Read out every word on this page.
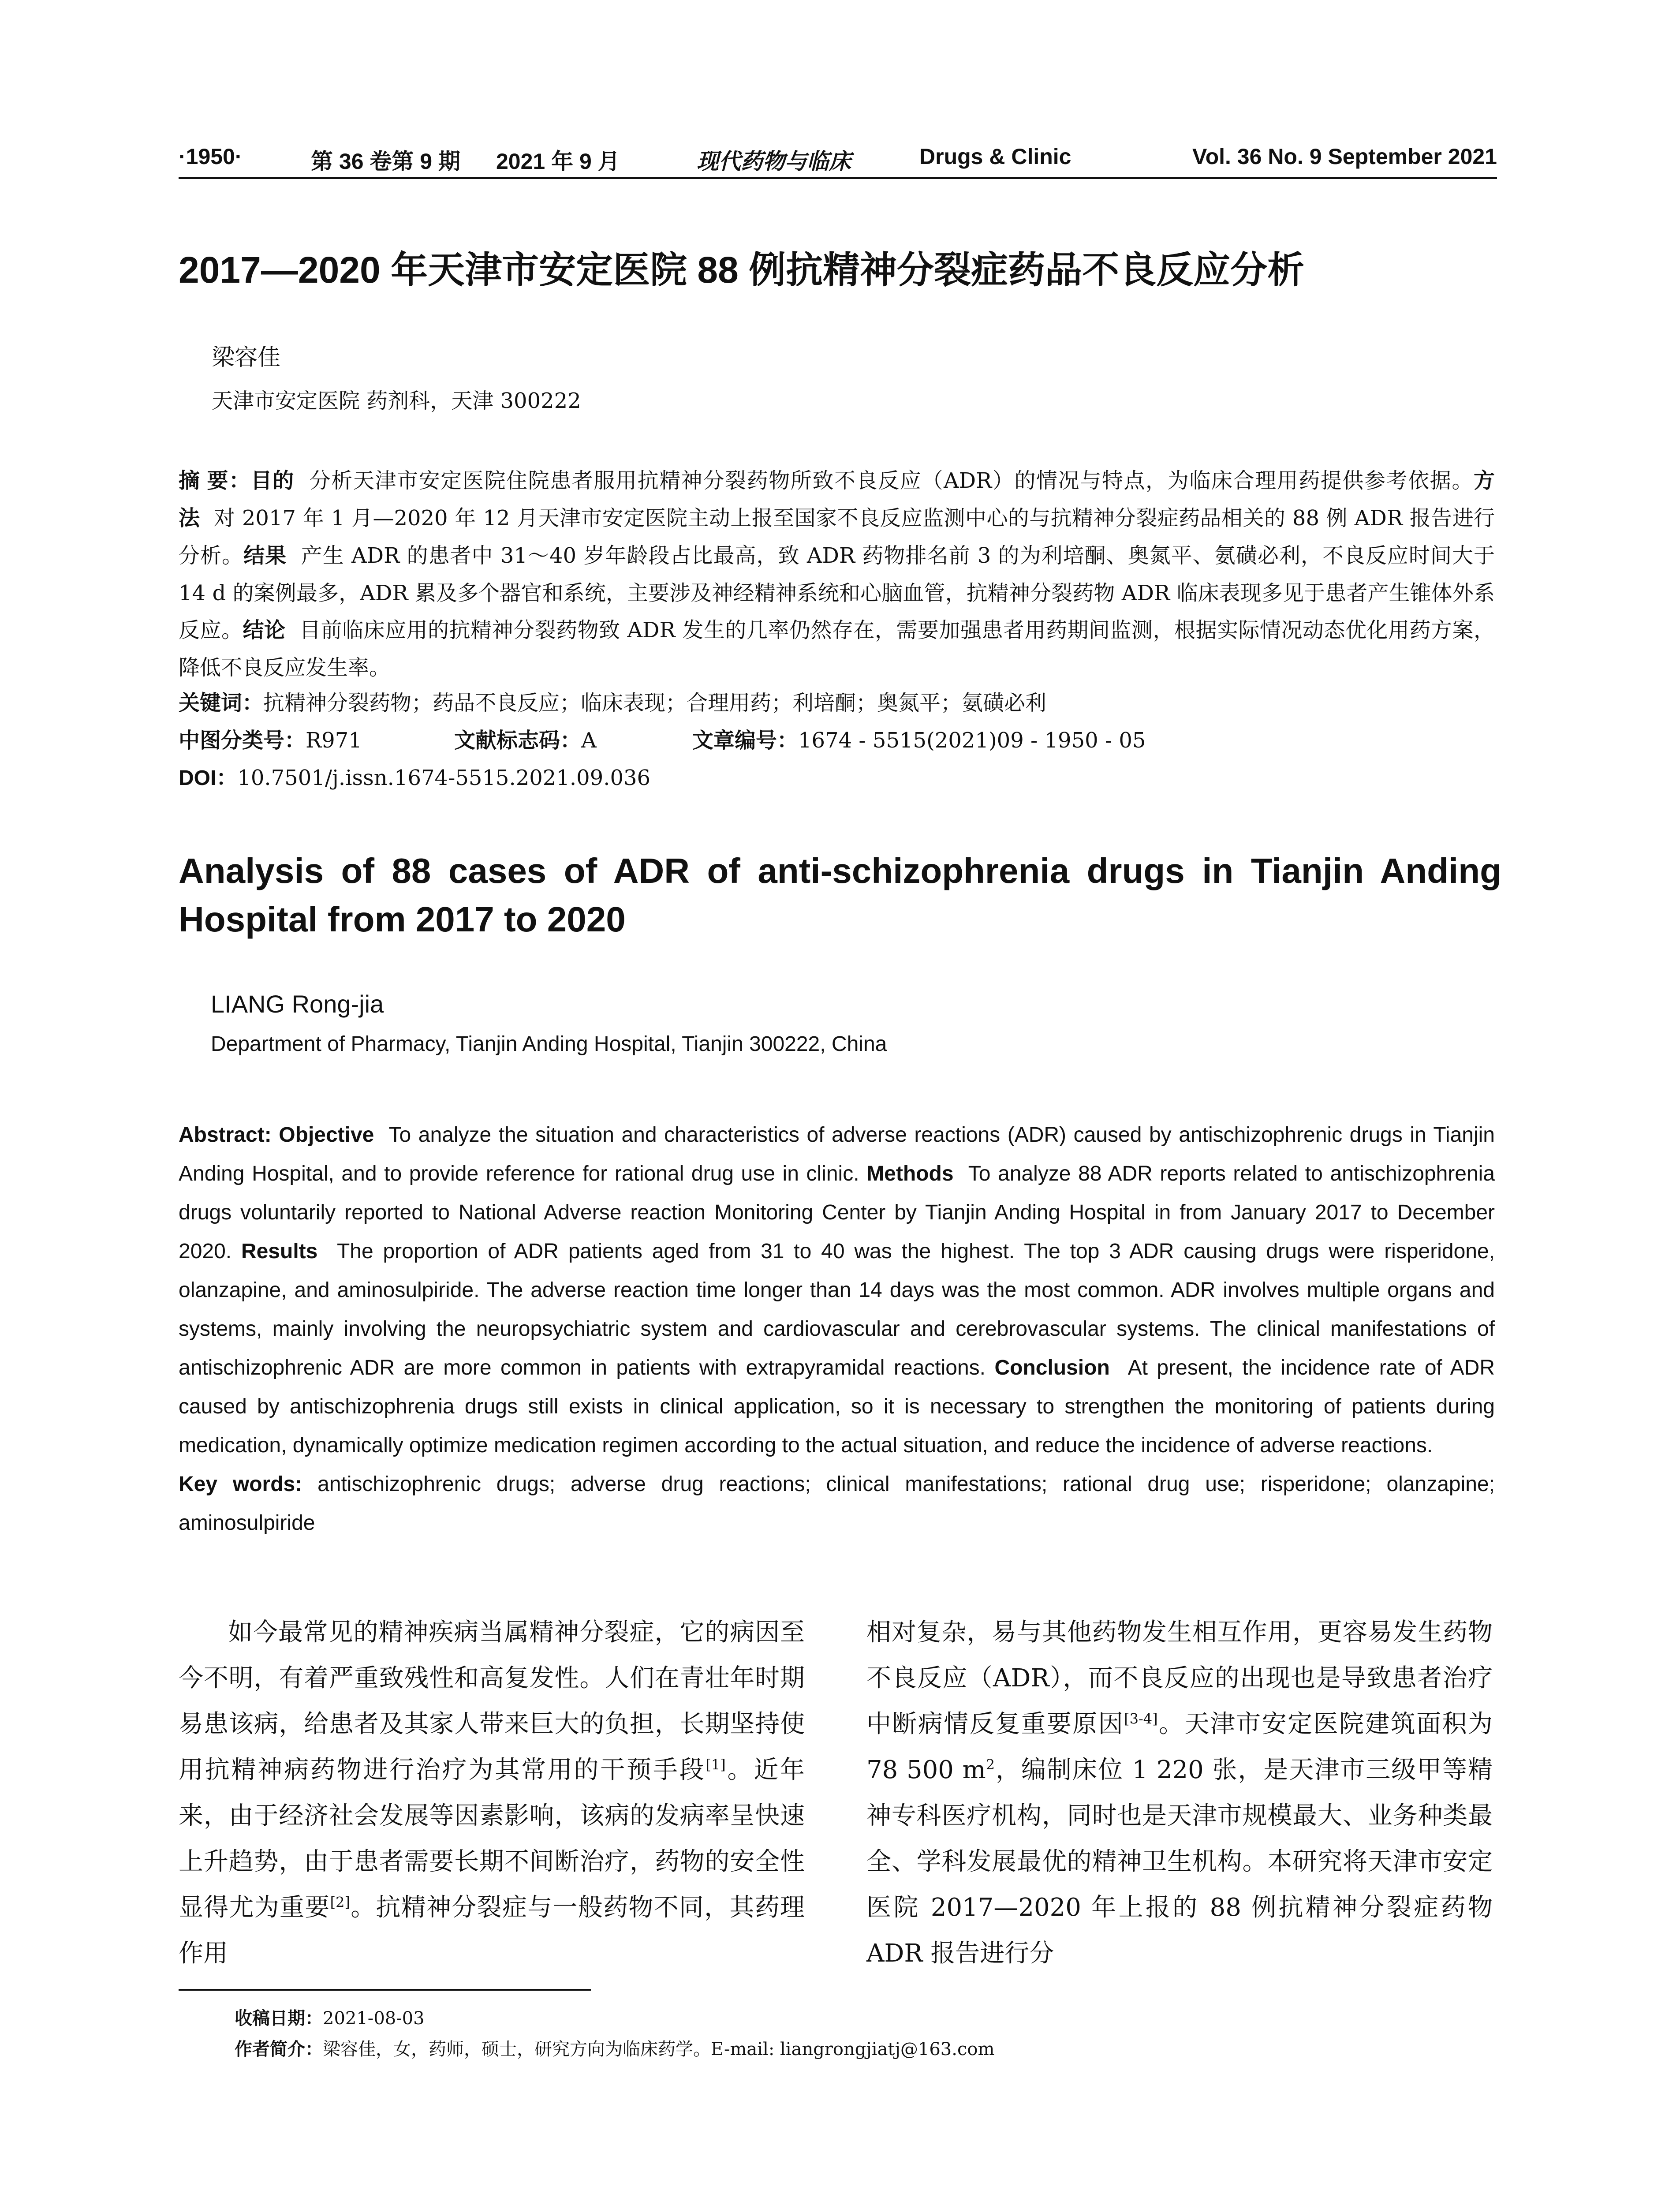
·1950·	第 36 卷第 9 期 2021 年 9 月	现代药物与临床	Drugs & Clinic	Vol. 36 No. 9 September 2021
2017—2020 年天津市安定医院 88 例抗精神分裂症药品不良反应分析
梁容佳
天津市安定医院 药剂科，天津 300222
摘 要：目的 分析天津市安定医院住院患者服用抗精神分裂药物所致不良反应（ADR）的情况与特点，为临床合理用药提供参考依据。方法 对 2017 年 1 月—2020 年 12 月天津市安定医院主动上报至国家不良反应监测中心的与抗精神分裂症药品相关的 88 例 ADR 报告进行分析。结果 产生 ADR 的患者中 31～40 岁年龄段占比最高，致 ADR 药物排名前 3 的为利培酮、奥氮平、氨磺必利，不良反应时间大于 14 d 的案例最多，ADR 累及多个器官和系统，主要涉及神经精神系统和心脑血管，抗精神分裂药物 ADR 临床表现多见于患者产生锥体外系反应。结论 目前临床应用的抗精神分裂药物致 ADR 发生的几率仍然存在，需要加强患者用药期间监测，根据实际情况动态优化用药方案，降低不良反应发生率。
关键词：抗精神分裂药物；药品不良反应；临床表现；合理用药；利培酮；奥氮平；氨磺必利
中图分类号：R971	文献标志码：A	文章编号：1674 - 5515(2021)09 - 1950 - 05
DOI：10.7501/j.issn.1674-5515.2021.09.036
Analysis of 88 cases of ADR of anti-schizophrenia drugs in Tianjin Anding Hospital from 2017 to 2020
LIANG Rong-jia
Department of Pharmacy, Tianjin Anding Hospital, Tianjin 300222, China
Abstract: Objective To analyze the situation and characteristics of adverse reactions (ADR) caused by antischizophrenic drugs in Tianjin Anding Hospital, and to provide reference for rational drug use in clinic. Methods To analyze 88 ADR reports related to antischizophrenia drugs voluntarily reported to National Adverse reaction Monitoring Center by Tianjin Anding Hospital in from January 2017 to December 2020. Results The proportion of ADR patients aged from 31 to 40 was the highest. The top 3 ADR causing drugs were risperidone, olanzapine, and aminosulpiride. The adverse reaction time longer than 14 days was the most common. ADR involves multiple organs and systems, mainly involving the neuropsychiatric system and cardiovascular and cerebrovascular systems. The clinical manifestations of antischizophrenic ADR are more common in patients with extrapyramidal reactions. Conclusion At present, the incidence rate of ADR caused by antischizophrenia drugs still exists in clinical application, so it is necessary to strengthen the monitoring of patients during medication, dynamically optimize medication regimen according to the actual situation, and reduce the incidence of adverse reactions.
Key words: antischizophrenic drugs; adverse drug reactions; clinical manifestations; rational drug use; risperidone; olanzapine; aminosulpiride
如今最常见的精神疾病当属精神分裂症，它的病因至今不明，有着严重致残性和高复发性。人们在青壮年时期易患该病，给患者及其家人带来巨大的负担，长期坚持使用抗精神病药物进行治疗为其常用的干预手段[1]。近年来，由于经济社会发展等因素影响，该病的发病率呈快速上升趋势，由于患者需要长期不间断治疗，药物的安全性显得尤为重要[2]。抗精神分裂症与一般药物不同，其药理作用
相对复杂，易与其他药物发生相互作用，更容易发生药物不良反应（ADR），而不良反应的出现也是导致患者治疗中断病情反复重要原因[3-4]。天津市安定医院建筑面积为 78 500 $m^2$，编制床位 1 220 张，是天津市三级甲等精神专科医疗机构，同时也是天津市规模最大、业务种类最全、学科发展最优的精神卫生机构。本研究将天津市安定医院 2017—2020 年上报的 88 例抗精神分裂症药物 ADR 报告进行分
收稿日期：2021-08-03
作者简介：梁容佳，女，药师，硕士，研究方向为临床药学。E-mail: liangrongjiatj@163.com
